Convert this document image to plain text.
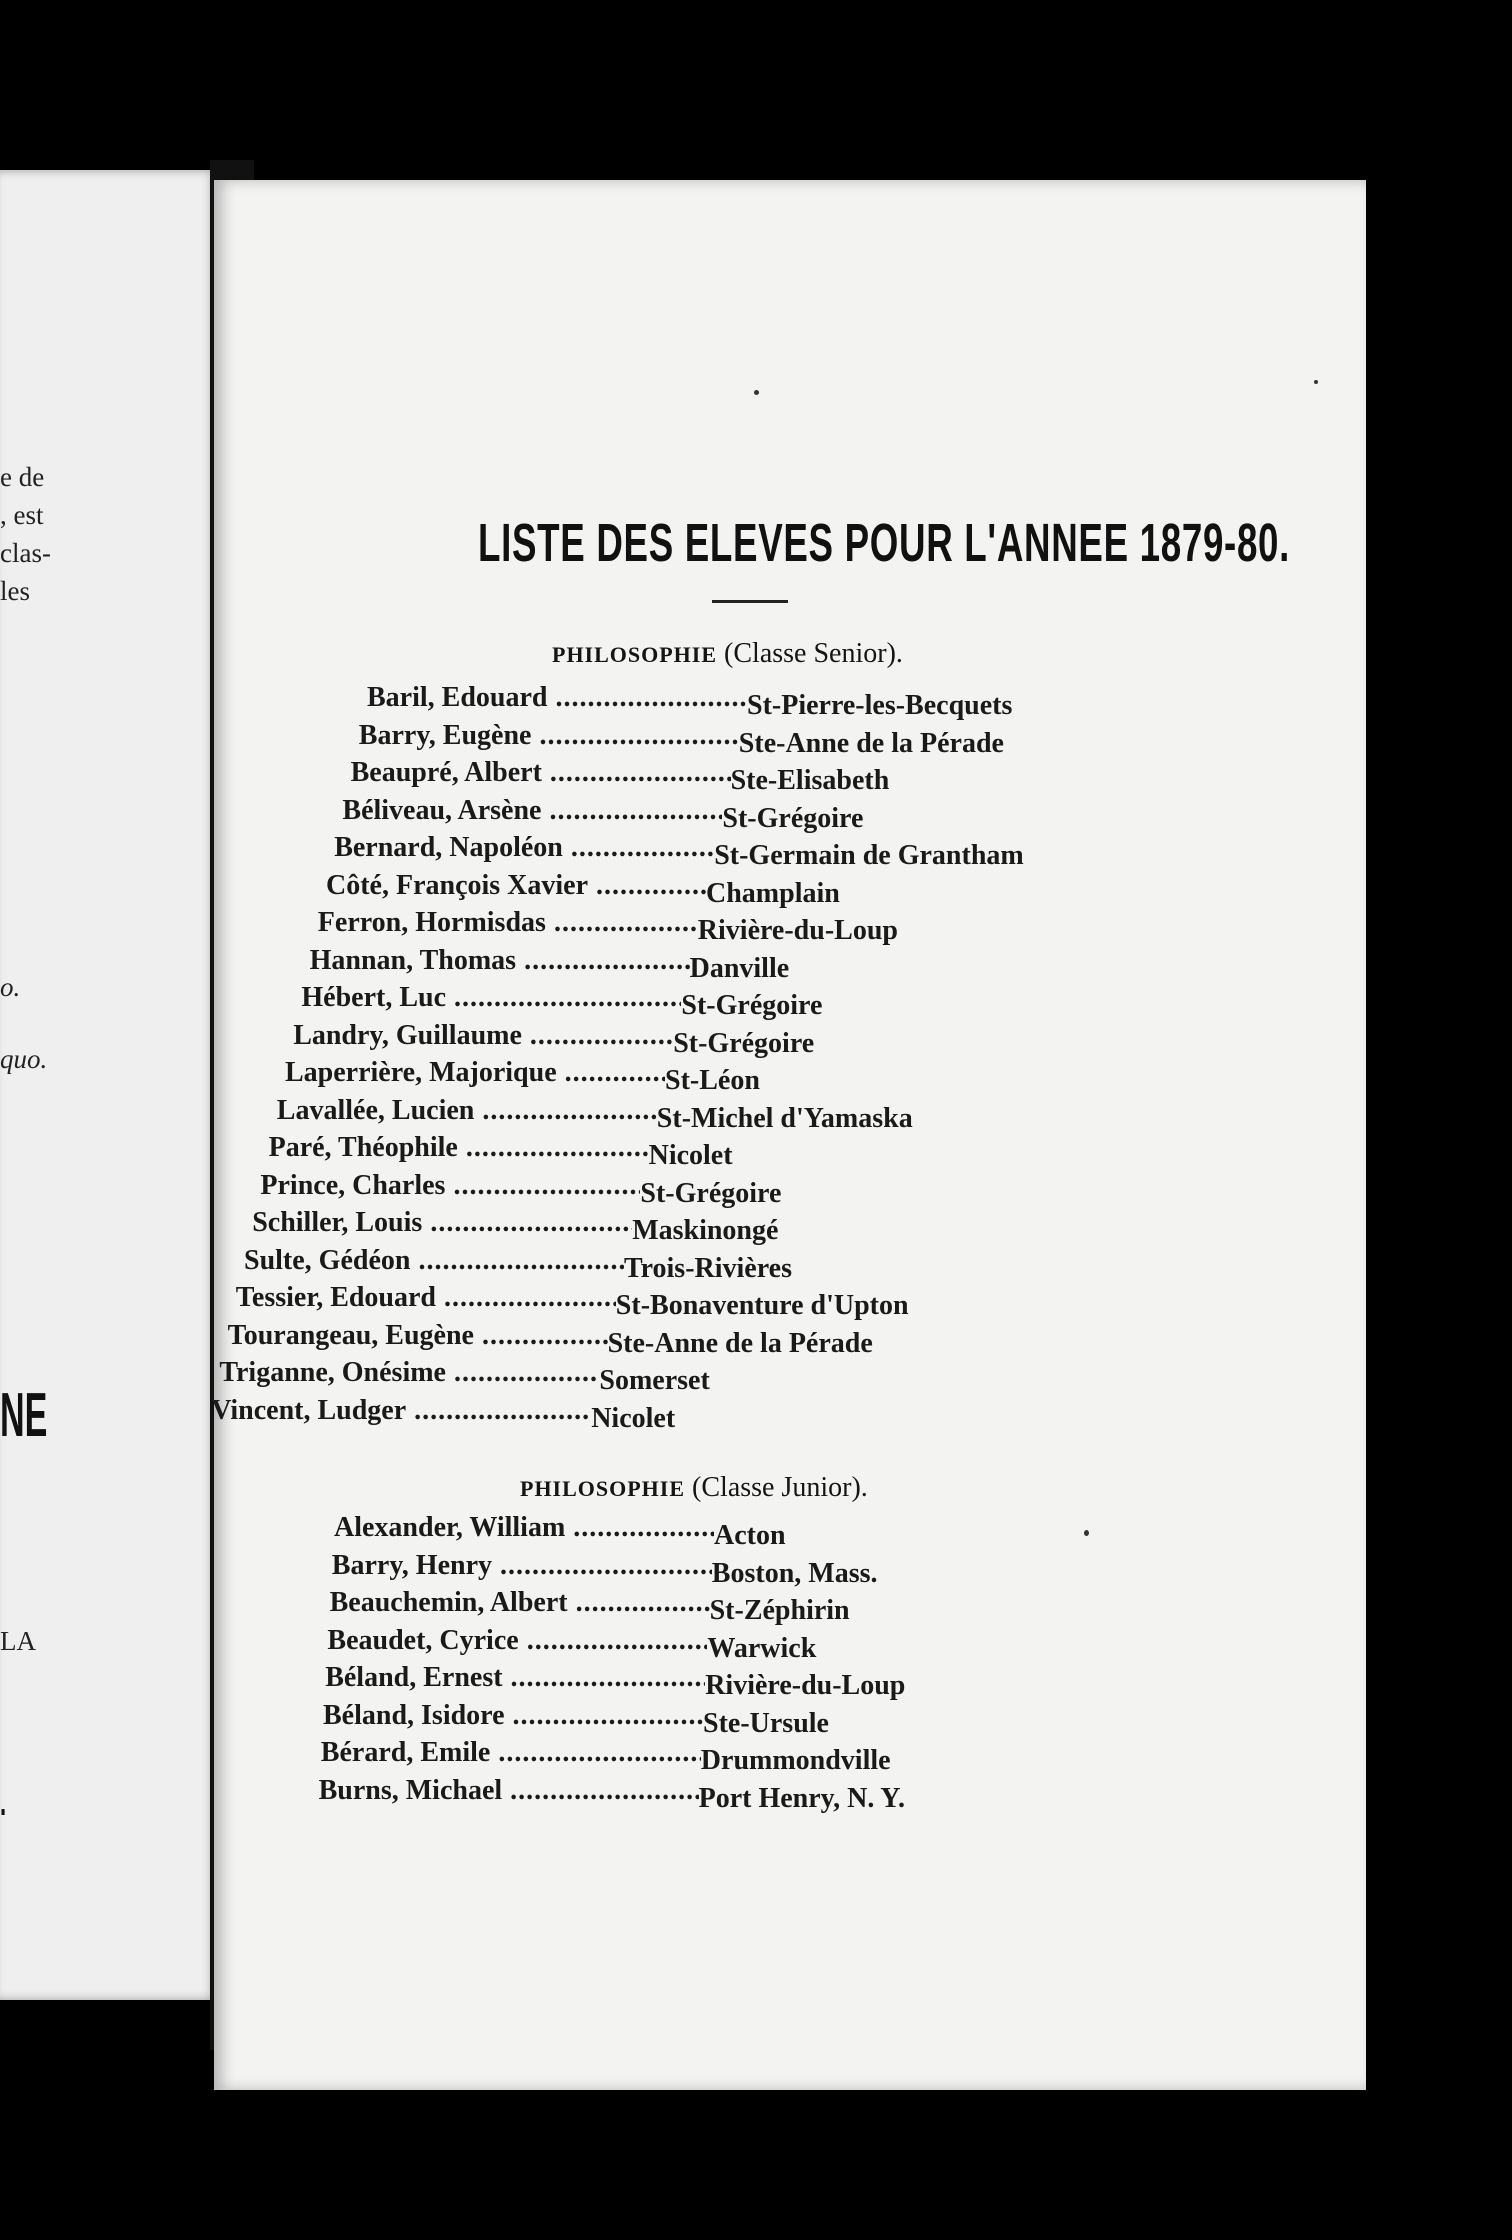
e de
, est
clas-
les
o.
quo.
NE
LA
.
LISTE DES ELEVES POUR L'ANNEE 1879-80.
PHILOSOPHIE (Classe Senior).
Baril, Edouard .....	St-Pierre-les-Becquets
Barry, Eugène .....	Ste-Anne de la Pérade
Beaupré, Albert .....	Ste-Elisabeth
Béliveau, Arsène .....	St-Grégoire
Bernard, Napoléon .....	St-Germain de Grantham
Côté, François Xavier .....	Champlain
Ferron, Hormisdas .....	Rivière-du-Loup
Hannan, Thomas .....	Danville
Hébert, Luc .....	St-Grégoire
Landry, Guillaume .....	St-Grégoire
Laperrière, Majorique .....	St-Léon
Lavallée, Lucien .....	St-Michel d'Yamaska
Paré, Théophile .....	Nicolet
Prince, Charles .....	St-Grégoire
Schiller, Louis .....	Maskinongé
Sulte, Gédéon .....	Trois-Rivières
Tessier, Edouard .....	St-Bonaventure d'Upton
Tourangeau, Eugène .....	Ste-Anne de la Pérade
Triganne, Onésime .....	Somerset
Vincent, Ludger .....	Nicolet
PHILOSOPHIE (Classe Junior).
Alexander, William .....	Acton
Barry, Henry .....	Boston, Mass.
Beauchemin, Albert .....	St-Zéphirin
Beaudet, Cyrice .....	Warwick
Béland, Ernest .....	Rivière-du-Loup
Béland, Isidore .....	Ste-Ursule
Bérard, Emile .....	Drummondville
Burns, Michael .....	Port Henry, N. Y.
